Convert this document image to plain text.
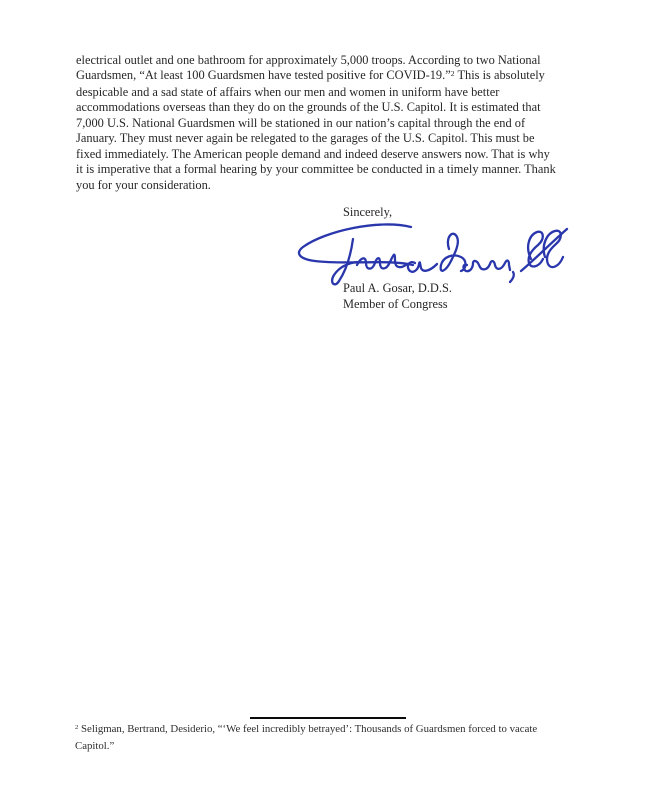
electrical outlet and one bathroom for approximately 5,000 troops. According to two National
Guardsmen, “At least 100 Guardsmen have tested positive for COVID-19.”$^2$ This is absolutely
despicable and a sad state of affairs when our men and women in uniform have better
accommodations overseas than they do on the grounds of the U.S. Capitol. It is estimated that
7,000 U.S. National Guardsmen will be stationed in our nation’s capital through the end of
January. They must never again be relegated to the garages of the U.S. Capitol. This must be
fixed immediately. The American people demand and indeed deserve answers now. That is why
it is imperative that a formal hearing by your committee be conducted in a timely manner. Thank
you for your consideration.
Sincerely,
Paul A. Gosar, D.D.S.
Member of Congress
$^2$ Seligman, Bertrand, Desiderio, “‘We feel incredibly betrayed’: Thousands of Guardsmen forced to vacate
Capitol.”
